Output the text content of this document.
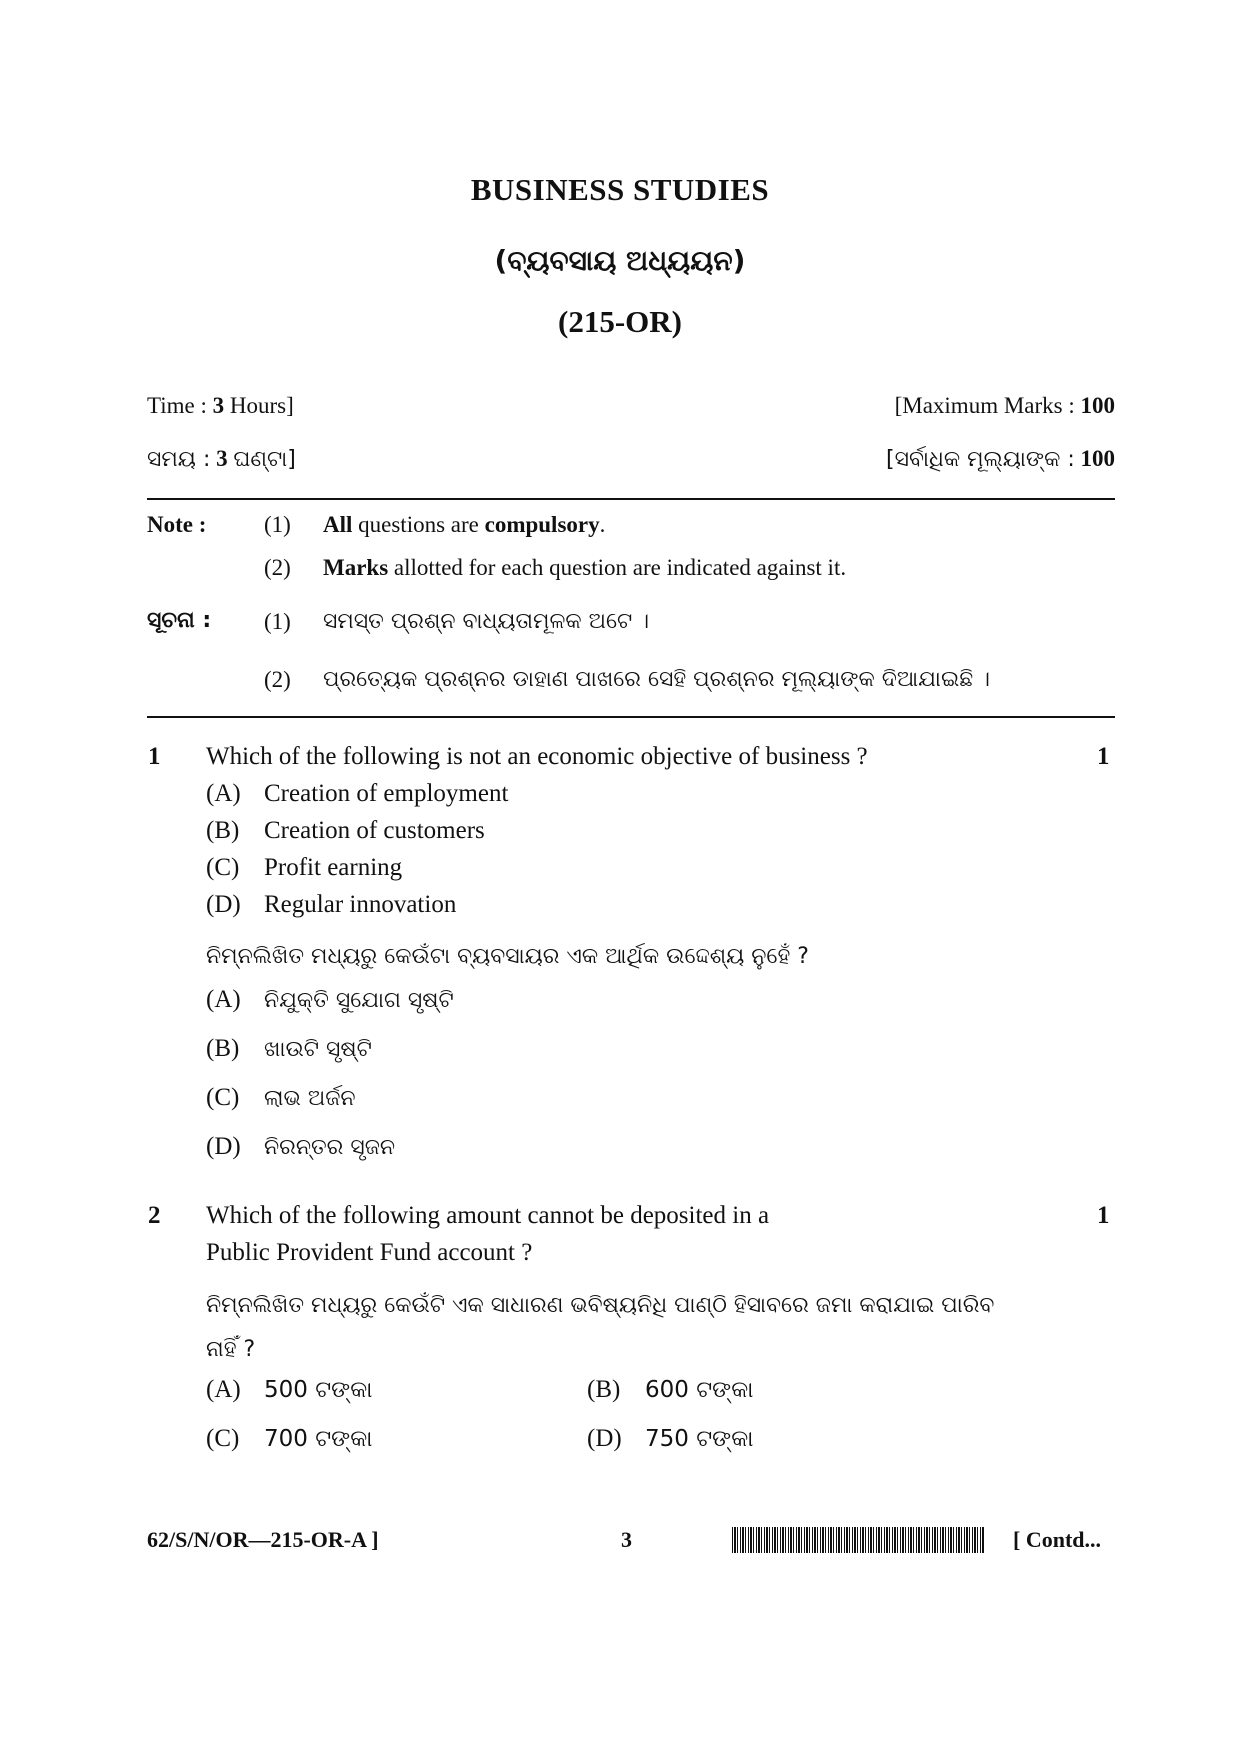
BUSINESS STUDIES
(ବ୍ୟବସାୟ ଅଧ୍ୟୟନ)
(215-OR)
Time : 3 Hours]	[Maximum Marks : 100
ସମୟ : 3 ଘଣ୍ଟା]	[ସର୍ବାଧିକ ମୂଲ୍ୟାଙ୍କ : 100
Note :	(1) All questions are compulsory.
(2) Marks allotted for each question are indicated against it.
ସୂଚନା : (1) ସମସ୍ତ ପ୍ରଶ୍ନ ବାଧ୍ୟତାମୂଳକ ଅଟେ ।
(2) ପ୍ରତ୍ୟେକ ପ୍ରଶ୍ନର ଡାହାଣ ପାଖରେ ସେହି ପ୍ରଶ୍ନର ମୂଲ୍ୟାଙ୍କ ଦିଆଯାଇଛି ।
1	1
Which of the following is not an economic objective of business ?
(A) Creation of employment
(B) Creation of customers
(C) Profit earning
(D) Regular innovation
ନିମ୍ନଲିଖିତ ମଧ୍ୟରୁ କେଉଁଟା ବ୍ୟବସାୟର ଏକ ଆର୍ଥିକ ଉଦ୍ଦେଶ୍ୟ ନୁହେଁ ?
(A) ନିଯୁକ୍ତି ସୁଯୋଗ ସୃଷ୍ଟି
(B) ଖାଉଟି ସୃଷ୍ଟି
(C) ଲାଭ ଅର୍ଜନ
(D) ନିରନ୍ତର ସୃଜନ
2	1
Which of the following amount cannot be deposited in a
Public Provident Fund account ?
ନିମ୍ନଲିଖିତ ମଧ୍ୟରୁ କେଉଁଟି ଏକ ସାଧାରଣ ଭବିଷ୍ୟନିଧି ପାଣ୍ଠି ହିସାବରେ ଜମା କରାଯାଇ ପାରିବ
ନାହିଁ ?
(A) 500 ଟଙ୍କା	(B) 600 ଟଙ୍କା
(C) 700 ଟଙ୍କା	(D) 750 ଟଙ୍କା
62/S/N/OR—215-OR-A ]	3	[ Contd...
